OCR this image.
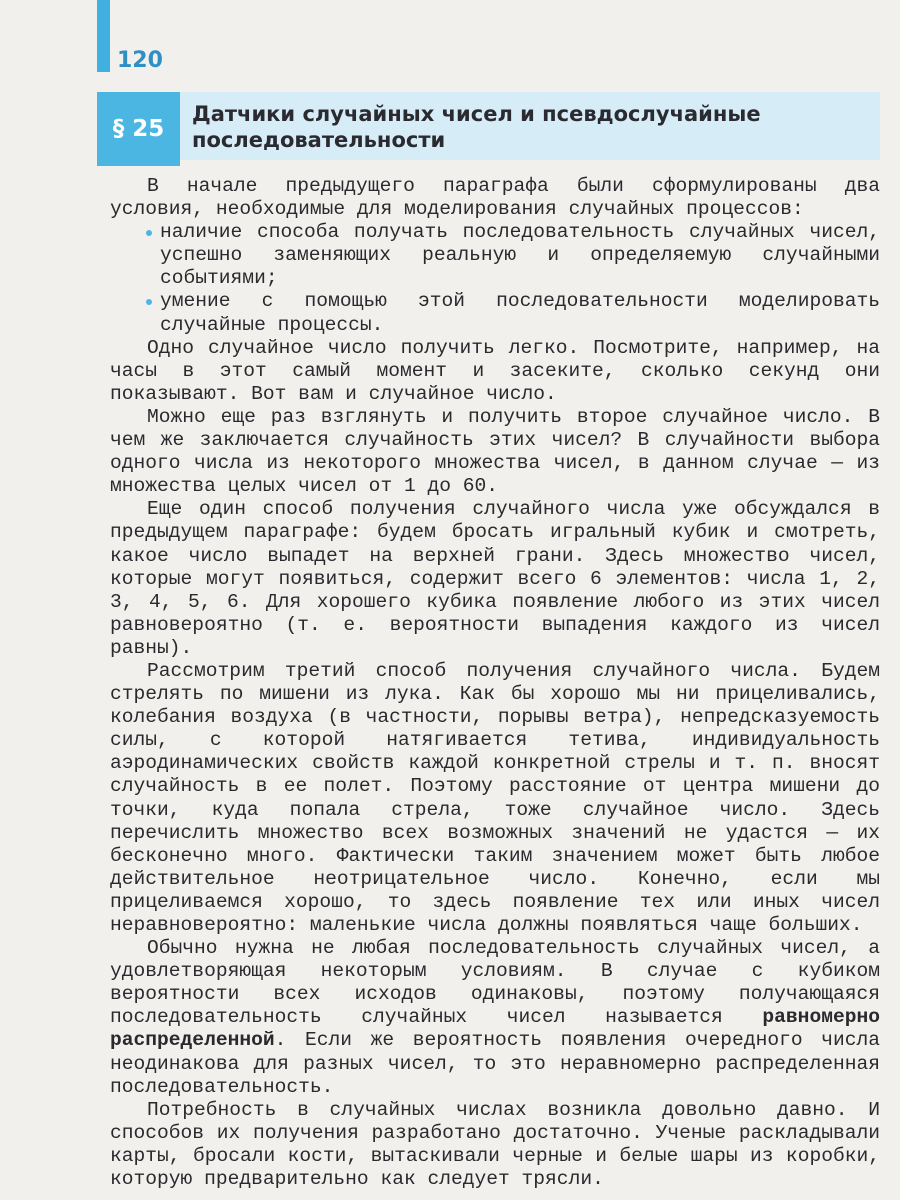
120
§ 25
Датчики случайных чисел и псевдослучайные последовательности

В начале предыдущего параграфа были сформулированы два условия, необходимые для моделирования случайных процессов:

наличие способа получать последовательность случайных чисел, успешно заменяющих реальную и определяемую случайными событиями;
умение с помощью этой последовательности моделировать случайные процессы.

Одно случайное число получить легко. Посмотрите, например, на часы в этот самый момент и засеките, сколько секунд они показывают. Вот вам и случайное число.

Можно еще раз взглянуть и получить второе случайное число. В чем же заключается случайность этих чисел? В случайности выбора одного числа из некоторого множества чисел, в данном случае — из множества целых чисел от 1 до 60.

Еще один способ получения случайного числа уже обсуждался в предыдущем параграфе: будем бросать игральный кубик и смотреть, какое число выпадет на верхней грани. Здесь множество чисел, которые могут появиться, содержит всего 6 элементов: числа 1, 2, 3, 4, 5, 6. Для хорошего кубика появление любого из этих чисел равновероятно (т. е. вероятности выпадения каждого из чисел равны).

Рассмотрим третий способ получения случайного числа. Будем стрелять по мишени из лука. Как бы хорошо мы ни прицеливались, колебания воздуха (в частности, порывы ветра), непредсказуемость силы, с которой натягивается тетива, индивидуальность аэродинамических свойств каждой конкретной стрелы и т. п. вносят случайность в ее полет. Поэтому расстояние от центра мишени до точки, куда попала стрела, тоже случайное число. Здесь перечислить множество всех возможных значений не удастся — их бесконечно много. Фактически таким значением может быть любое действительное неотрицательное число. Конечно, если мы прицеливаемся хорошо, то здесь появление тех или иных чисел неравновероятно: маленькие числа должны появляться чаще больших.

Обычно нужна не любая последовательность случайных чисел, а удовлетворяющая некоторым условиям. В случае с кубиком вероятности всех исходов одинаковы, поэтому получающаяся последовательность случайных чисел называется равномерно распределенной. Если же вероятность появления очередного числа неодинакова для разных чисел, то это неравномерно распределенная последовательность.

Потребность в случайных числах возникла довольно давно. И способов их получения разработано достаточно. Ученые раскладывали карты, бросали кости, вытаскивали черные и белые шары из коробки, которую предварительно как следует трясли.
